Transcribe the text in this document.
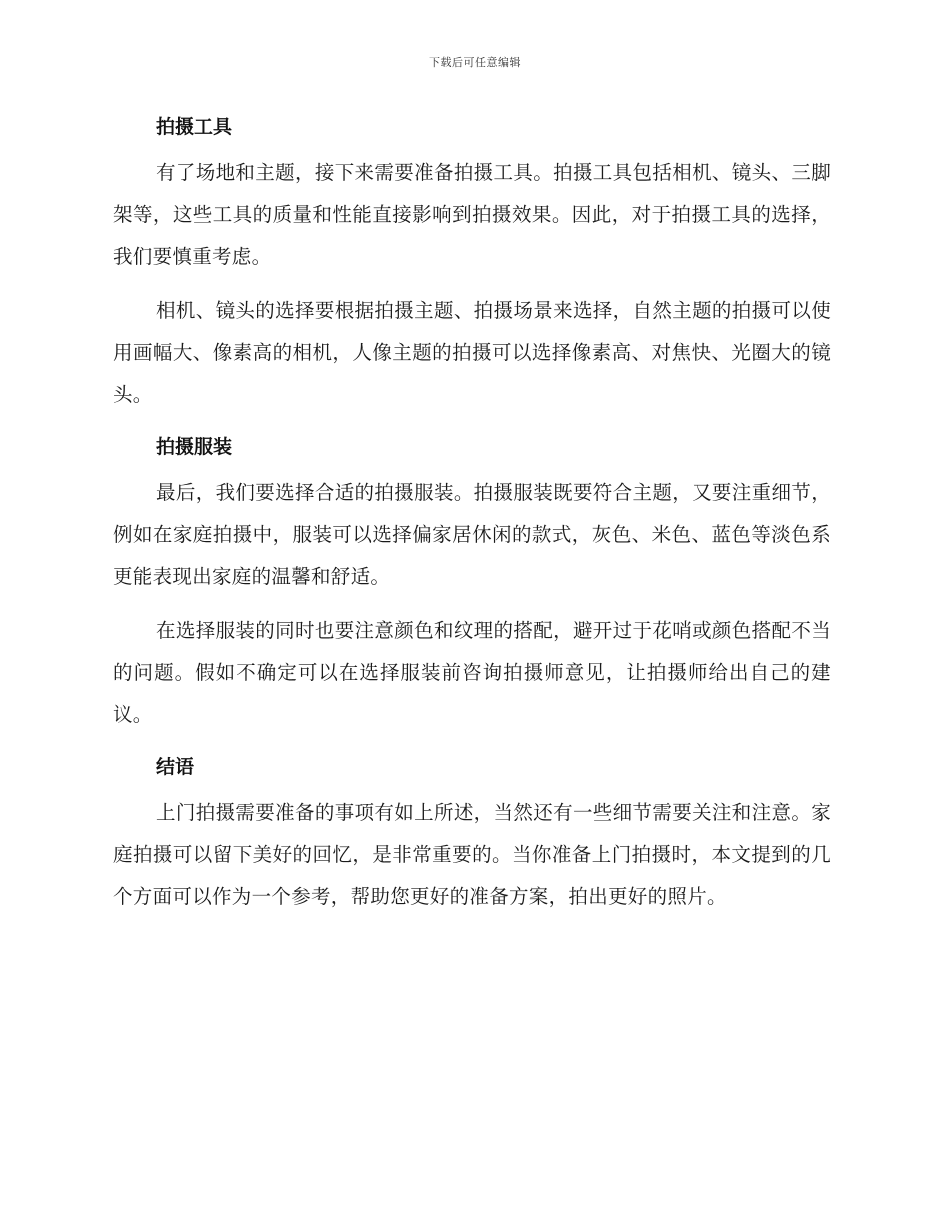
下载后可任意编辑
拍摄工具

有了场地和主题，接下来需要准备拍摄工具。拍摄工具包括相机、镜头、三脚架等，这些工具的质量和性能直接影响到拍摄效果。因此，对于拍摄工具的选择，我们要慎重考虑。

相机、镜头的选择要根据拍摄主题、拍摄场景来选择，自然主题的拍摄可以使用画幅大、像素高的相机，人像主题的拍摄可以选择像素高、对焦快、光圈大的镜头。

拍摄服装

最后，我们要选择合适的拍摄服装。拍摄服装既要符合主题，又要注重细节，例如在家庭拍摄中，服装可以选择偏家居休闲的款式，灰色、米色、蓝色等淡色系更能表现出家庭的温馨和舒适。

在选择服装的同时也要注意颜色和纹理的搭配，避开过于花哨或颜色搭配不当的问题。假如不确定可以在选择服装前咨询拍摄师意见，让拍摄师给出自己的建议。

结语

上门拍摄需要准备的事项有如上所述，当然还有一些细节需要关注和注意。家庭拍摄可以留下美好的回忆，是非常重要的。当你准备上门拍摄时，本文提到的几个方面可以作为一个参考，帮助您更好的准备方案，拍出更好的照片。
